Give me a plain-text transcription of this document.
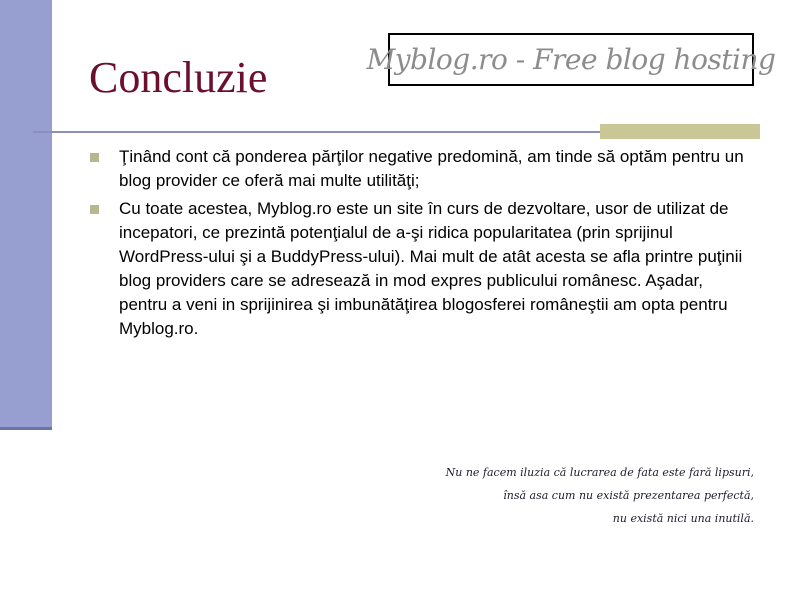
Concluzie	Myblog.ro - Free blog hosting
Ţinând cont că ponderea părţilor negative predomină, am tinde să optăm pentru un blog provider ce oferă mai multe utilităţi;
Cu toate acestea, Myblog.ro este un site în curs de dezvoltare, usor de utilizat de incepatori, ce prezintă potenţialul de a-şi ridica popularitatea (prin sprijinul WordPress-ului şi a BuddyPress-ului). Mai mult de atât acesta se afla printre puţinii blog providers care se adresează in mod expres publicului românesc. Aşadar, pentru a veni in sprijinirea şi imbunătăţirea blogosferei româneştii am opta pentru Myblog.ro.
Nu ne facem iluzia că lucrarea de fata este fară lipsuri,
însă asa cum nu există prezentarea perfectă,
nu există nici una inutilă.
